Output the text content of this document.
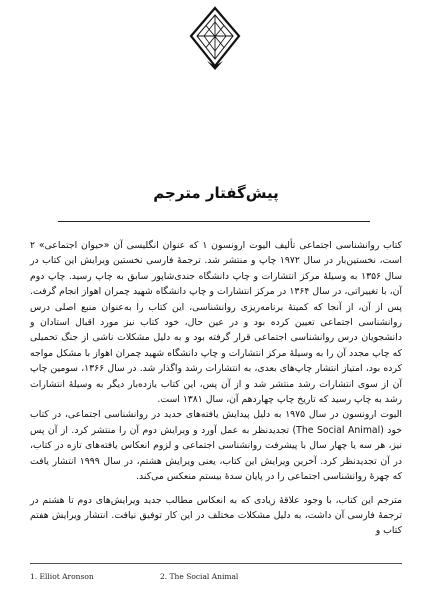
پیش‌گفتار مترجم

کتاب روانشناسی اجتماعی تألیف الیوت ارونسون ۱ که عنوان انگلیسی آن «حیوان اجتماعی» ۲ است، نخستین‌بار در سال ۱۹۷۲ چاپ و منتشر شد. ترجمهٔ فارسی نخستین ویرایش این کتاب در سال ۱۳۵۶ به وسیلهٔ مرکز انتشارات و چاپ دانشگاه جندی‌شاپور سابق به چاپ رسید. چاپ دوم آن، با تغییراتی، در سال ۱۳۶۴ در مرکز انتشارات و چاپ دانشگاه شهید چمران اهواز انجام گرفت. پس از آن، از آنجا که کمیتهٔ برنامه‌ریزی روانشناسی، این کتاب را به‌عنوان منبع اصلی درس روانشناسی اجتماعی تعیین کرده بود و در عین حال، خود کتاب نیز مورد اقبال استادان و دانشجویان درس روانشناسی اجتماعی قرار گرفته بود و به دلیل مشکلات ناشی از جنگ تحمیلی که چاپ مجدد آن را به وسیلهٔ مرکز انتشارات و چاپ دانشگاه شهید چمران اهواز با مشکل مواجه کرده بود، امتیاز انتشار چاپ‌های بعدی، به انتشارات رشد واگذار شد. در سال ۱۳۶۶، سومین چاپ آن از سوی انتشارات رشد منتشر شد و از آن پس، این کتاب یازده‌بار دیگر به وسیلهٔ انتشارات رشد به چاپ رسید که تاریخ چاپ چهاردهم آن، سال ۱۳۸۱ است.

الیوت ارونسون در سال ۱۹۷۵ به دلیل پیدایش یافته‌های جدید در روانشناسی اجتماعی، در کتاب خود (The Social Animal) تجدیدنظر به عمل آورد و ویرایش دوم آن را منتشر کرد. از آن پس نیز، هر سه یا چهار سال با پیشرفت روانشناسی اجتماعی و لزوم انعکاس یافته‌های تازه در کتاب، در آن تجدیدنظر کرد. آخرین ویرایش این کتاب، یعنی ویرایش هشتم، در سال ۱۹۹۹ انتشار یافت که چهرهٔ روانشناسی اجتماعی را در پایان سدهٔ بیستم منعکس می‌کند.

مترجم این کتاب، با وجود علاقهٔ زیادی که به انعکاس مطالب جدید ویرایش‌های دوم تا هشتم در ترجمهٔ فارسی آن داشت، به دلیل مشکلات مختلف در این کار توفیق نیافت. انتشار ویرایش هفتم کتاب و

1. Elliot Aronson	2. The Social Animal
